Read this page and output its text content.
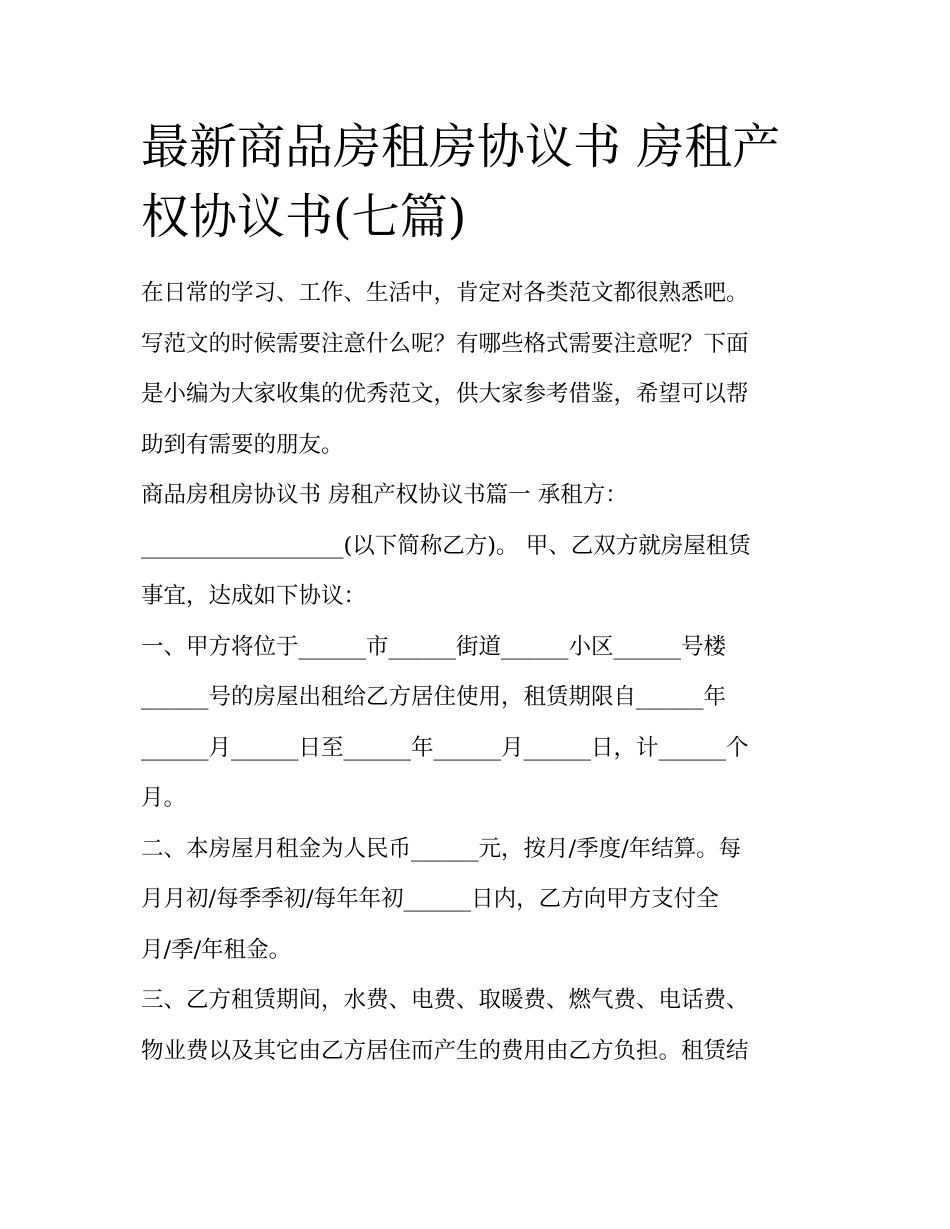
最新商品房租房协议书 房租产
权协议书(七篇)
在日常的学习、工作、生活中，肯定对各类范文都很熟悉吧。
写范文的时候需要注意什么呢？有哪些格式需要注意呢？下面
是小编为大家收集的优秀范文，供大家参考借鉴，希望可以帮
助到有需要的朋友。
商品房租房协议书 房租产权协议书篇一 承租方：
__________________(以下简称乙方)。 甲、乙双方就房屋租赁
事宜，达成如下协议：
一、甲方将位于______市______街道______小区______号楼
______号的房屋出租给乙方居住使用，租赁期限自______年
______月______日至______年______月______日，计______个
月。
二、本房屋月租金为人民币______元，按月/季度/年结算。每
月月初/每季季初/每年年初______日内，乙方向甲方支付全
月/季/年租金。
三、乙方租赁期间，水费、电费、取暖费、燃气费、电话费、
物业费以及其它由乙方居住而产生的费用由乙方负担。租赁结
